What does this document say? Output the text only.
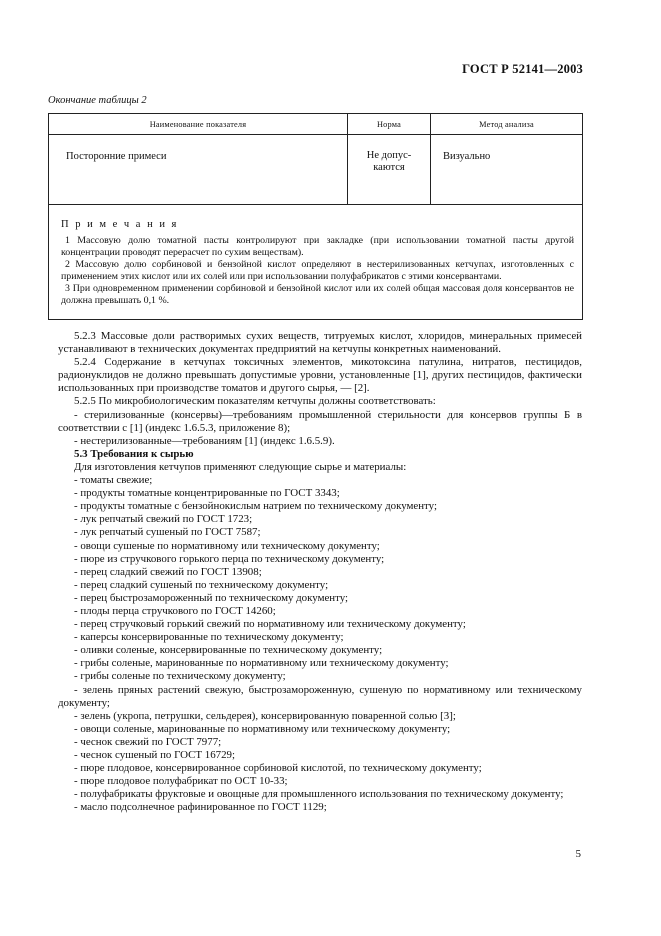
ГОСТ Р 52141—2003
Окончание таблицы 2
Наименование показателя	Норма	Метод анализа
Посторонние примеси	Не допус-каются	Визуально

П р и м е ч а н и я

1 Массовую долю томатной пасты контролируют при закладке (при использовании томатной пасты другой концентрации проводят перерасчет по сухим веществам).

2 Массовую долю сорбиновой и бензойной кислот определяют в нестерилизованных кетчупах, изготовленных с применением этих кислот или их солей или при использовании полуфабрикатов с этими консервантами.

3 При одновременном применении сорбиновой и бензойной кислот или их солей общая массовая доля консервантов не должна превышать 0,1 %.		

5.2.3 Массовые доли растворимых сухих веществ, титруемых кислот, хлоридов, минеральных примесей устанавливают в технических документах предприятий на кетчупы конкретных наименований.

5.2.4 Содержание в кетчупах токсичных элементов, микотоксина патулина, нитратов, пестицидов, радионуклидов не должно превышать допустимые уровни, установленные [1], других пестицидов, фактически использованных при производстве томатов и другого сырья, — [2].

5.2.5 По микробиологическим показателям кетчупы должны соответствовать:

- стерилизованные (консервы)—требованиям промышленной стерильности для консервов группы Б в соответствии с [1] (индекс 1.6.5.3, приложение 8);

- нестерилизованные—требованиям [1] (индекс 1.6.5.9).

5.3 Требования к сырью

Для изготовления кетчупов применяют следующие сырье и материалы:

- томаты свежие;

- продукты томатные концентрированные по ГОСТ 3343;

- продукты томатные с бензойнокислым натрием по техническому документу;

- лук репчатый свежий по ГОСТ 1723;

- лук репчатый сушеный по ГОСТ 7587;

- овощи сушеные по нормативному или техническому документу;

- пюре из стручкового горького перца по техническому документу;

- перец сладкий свежий по ГОСТ 13908;

- перец сладкий сушеный по техническому документу;

- перец быстрозамороженный по техническому документу;

- плоды перца стручкового по ГОСТ 14260;

- перец стручковый горький свежий по нормативному или техническому документу;

- каперсы консервированные по техническому документу;

- оливки соленые, консервированные по техническому документу;

- грибы соленые, маринованные по нормативному или техническому документу;

- грибы соленые по техническому документу;

- зелень пряных растений свежую, быстрозамороженную, сушеную по нормативному или техническому документу;

- зелень (укропа, петрушки, сельдерея), консервированную поваренной солью [3];

- овощи соленые, маринованные по нормативному или техническому документу;

- чеснок свежий по ГОСТ 7977;

- чеснок сушеный по ГОСТ 16729;

- пюре плодовое, консервированное сорбиновой кислотой, по техническому документу;

- пюре плодовое полуфабрикат по ОСТ 10-33;

- полуфабрикаты фруктовые и овощные для промышленного использования по техническому документу;

- масло подсолнечное рафинированное по ГОСТ 1129;

5
